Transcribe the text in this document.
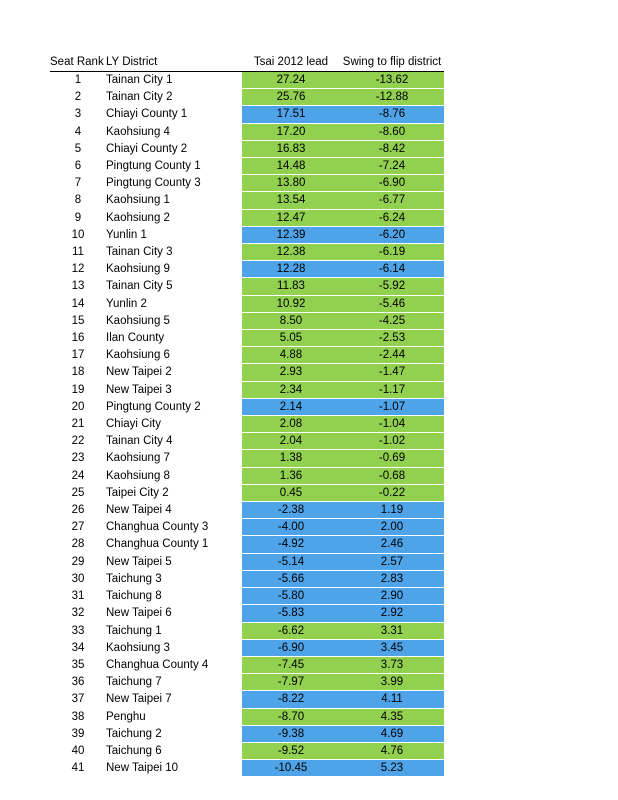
Seat Rank	LY District	Tsai 2012 lead	Swing to flip district
1	Tainan City 1	27.24	-13.62
2	Tainan City 2	25.76	-12.88
3	Chiayi County 1	17.51	-8.76
4	Kaohsiung 4	17.20	-8.60
5	Chiayi County 2	16.83	-8.42
6	Pingtung County 1	14.48	-7.24
7	Pingtung County 3	13.80	-6.90
8	Kaohsiung 1	13.54	-6.77
9	Kaohsiung 2	12.47	-6.24
10	Yunlin 1	12.39	-6.20
11	Tainan City 3	12.38	-6.19
12	Kaohsiung 9	12.28	-6.14
13	Tainan City 5	11.83	-5.92
14	Yunlin 2	10.92	-5.46
15	Kaohsiung 5	8.50	-4.25
16	Ilan County	5.05	-2.53
17	Kaohsiung 6	4.88	-2.44
18	New Taipei 2	2.93	-1.47
19	New Taipei 3	2.34	-1.17
20	Pingtung County 2	2.14	-1.07
21	Chiayi City	2.08	-1.04
22	Tainan City 4	2.04	-1.02
23	Kaohsiung 7	1.38	-0.69
24	Kaohsiung 8	1.36	-0.68
25	Taipei City 2	0.45	-0.22
26	New Taipei 4	-2.38	1.19
27	Changhua County 3	-4.00	2.00
28	Changhua County 1	-4.92	2.46
29	New Taipei 5	-5.14	2.57
30	Taichung 3	-5.66	2.83
31	Taichung 8	-5.80	2.90
32	New Taipei 6	-5.83	2.92
33	Taichung 1	-6.62	3.31
34	Kaohsiung 3	-6.90	3.45
35	Changhua County 4	-7.45	3.73
36	Taichung 7	-7.97	3.99
37	New Taipei 7	-8.22	4.11
38	Penghu	-8.70	4.35
39	Taichung 2	-9.38	4.69
40	Taichung 6	-9.52	4.76
41	New Taipei 10	-10.45	5.23
